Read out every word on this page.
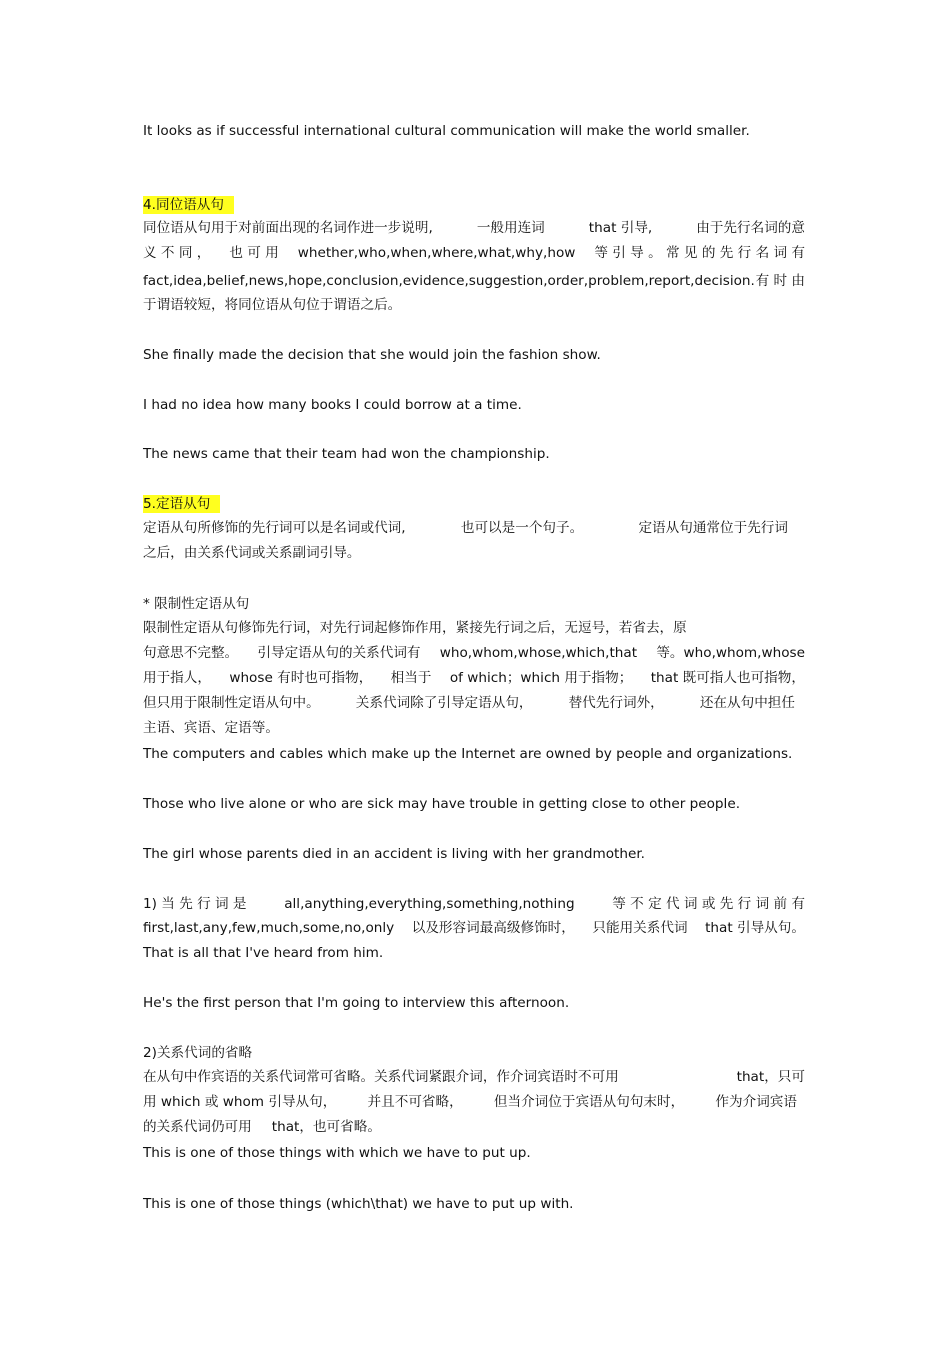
It looks as if successful international cultural communication will make the world smaller.
4.同位语从句
同位语从句用于对前面出现的名词作进一步说明,	一般用连词	that 引导,	由于先行名词的意
义 不 同 ， 也 可 用 whether,who,when,where,what,why,how 等 引 导 。 常 见 的 先 行 名 词 有
fact,idea,belief,news,hope,conclusion,evidence,suggestion,order,problem,report,decision. 有 时 由
于谓语较短，将同位语从句位于谓语之后。
She finally made the decision that she would join the fashion show.
I had no idea how many books I could borrow at a time.
The news came that their team had won the championship.
5.定语从句
定语从句所修饰的先行词可以是名词或代词,	也可以是一个句子。	定语从句通常位于先行词
之后，由关系代词或关系副词引导。
* 限制性定语从句
限制性定语从句修饰先行词，对先行词起修饰作用，紧接先行词之后，无逗号，若省去，原
句意思不完整。 引导定语从句的关系代词有 who,whom,whose,which,that 等。who,whom,whose
用于指人， whose 有时也可指物， 相当于 of which；which 用于指物； that 既可指人也可指物，
但只用于限制性定语从句中。	关系代词除了引导定语从句，	替代先行词外，	还在从句中担任
主语、宾语、定语等。
The computers and cables which make up the Internet are owned by people and organizations.
Those who live alone or who are sick may have trouble in getting close to other people.
The girl whose parents died in an accident is living with her grandmother.
1) 当 先 行 词 是	all,anything,everything,something,nothing	等 不 定 代 词 或 先 行 词 前 有
first,last,any,few,much,some,no,only 以及形容词最高级修饰时， 只能用关系代词 that 引导从句。
That is all that I've heard from him.
He's the first person that I'm going to interview this afternoon.
2)关系代词的省略
在从句中作宾语的关系代词常可省略。关系代词紧跟介词，作介词宾语时不可用	that，只可
用 which 或 whom 引导从句， 并且不可省略， 但当介词位于宾语从句句末时， 作为介词宾语
的关系代词仍可用 that，也可省略。
This is one of those things with which we have to put up.
This is one of those things (which\that) we have to put up with.
